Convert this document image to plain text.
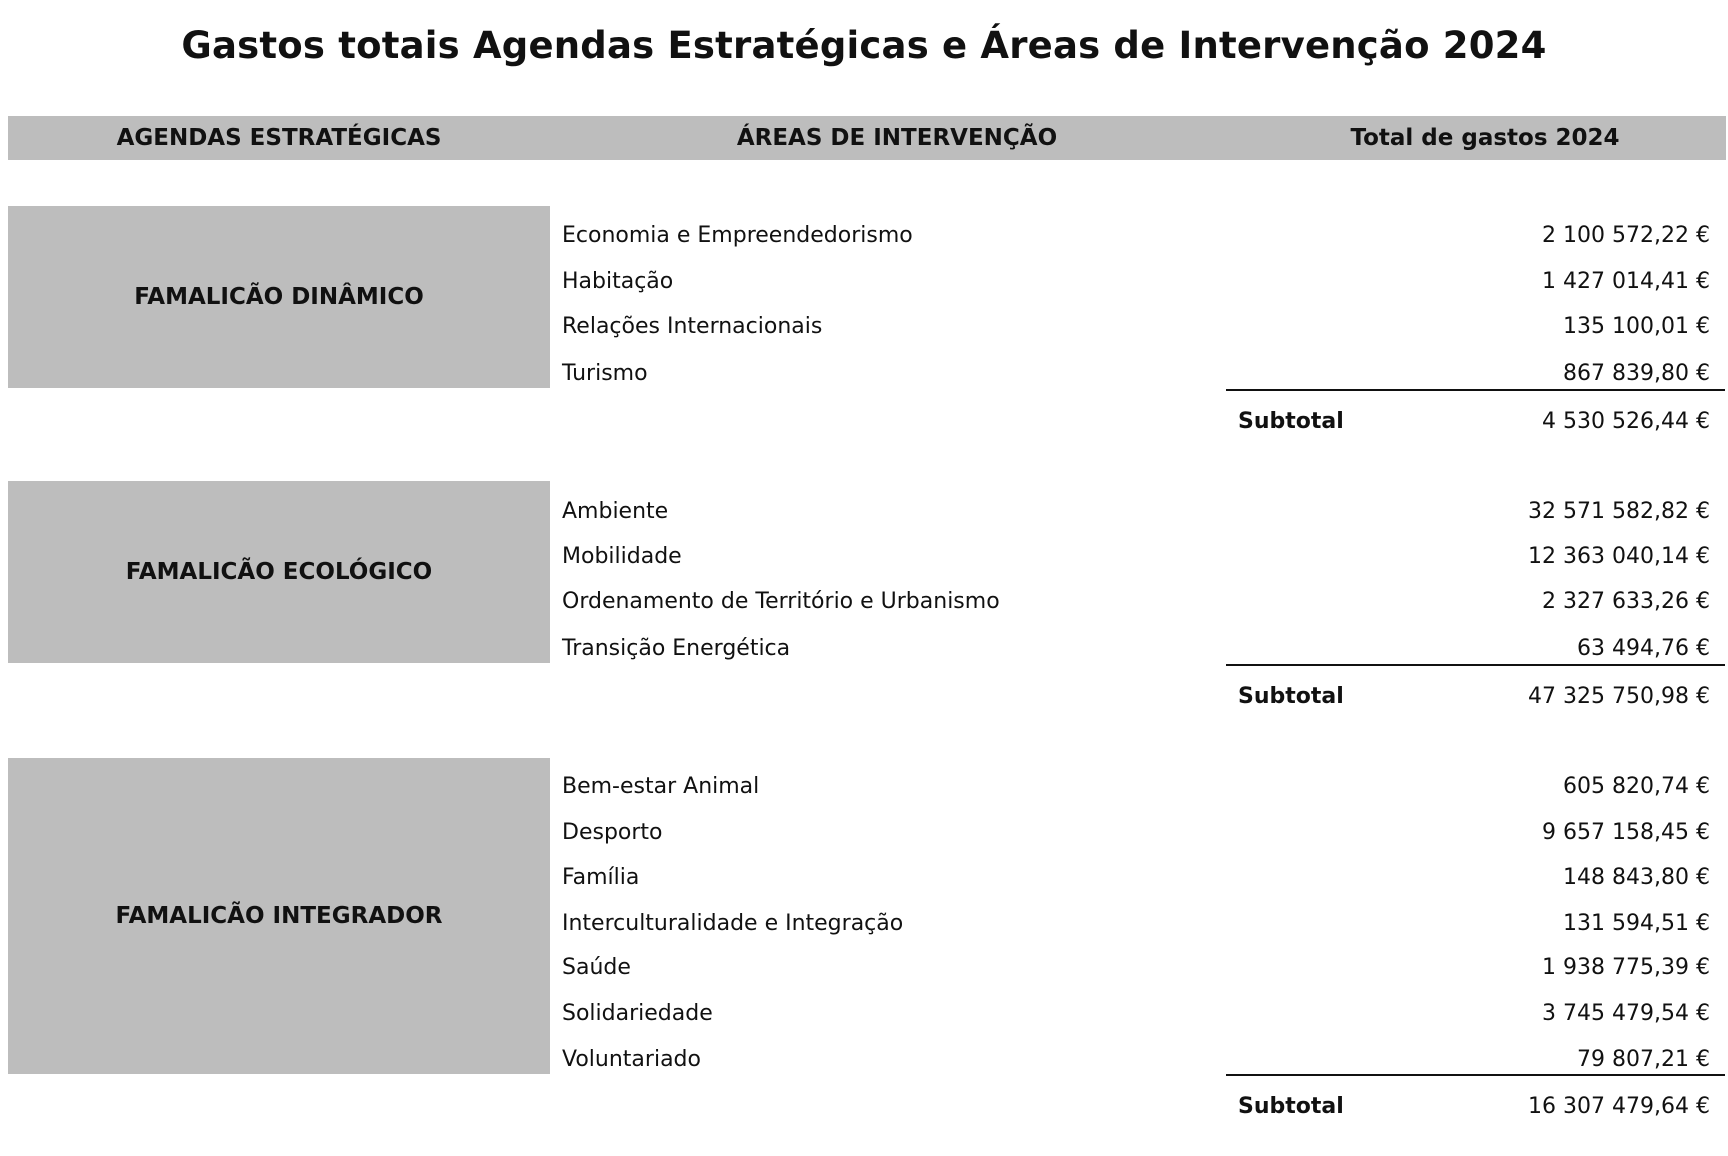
Gastos totais Agendas Estratégicas e Áreas de Intervenção 2024
AGENDAS ESTRATÉGICAS	ÁREAS DE INTERVENÇÃO	Total de gastos 2024
FAMALICÃO DINÂMICO
Economia e Empreendedorismo	2 100 572,22 €
Habitação	1 427 014,41 €
Relações Internacionais	135 100,01 €
Turismo	867 839,80 €
Subtotal	4 530 526,44 €
FAMALICÃO ECOLÓGICO
Ambiente	32 571 582,82 €
Mobilidade	12 363 040,14 €
Ordenamento de Território e Urbanismo	2 327 633,26 €
Transição Energética	63 494,76 €
Subtotal	47 325 750,98 €
FAMALICÃO INTEGRADOR
Bem-estar Animal	605 820,74 €
Desporto	9 657 158,45 €
Família	148 843,80 €
Interculturalidade e Integração	131 594,51 €
Saúde	1 938 775,39 €
Solidariedade	3 745 479,54 €
Voluntariado	79 807,21 €
Subtotal	16 307 479,64 €
